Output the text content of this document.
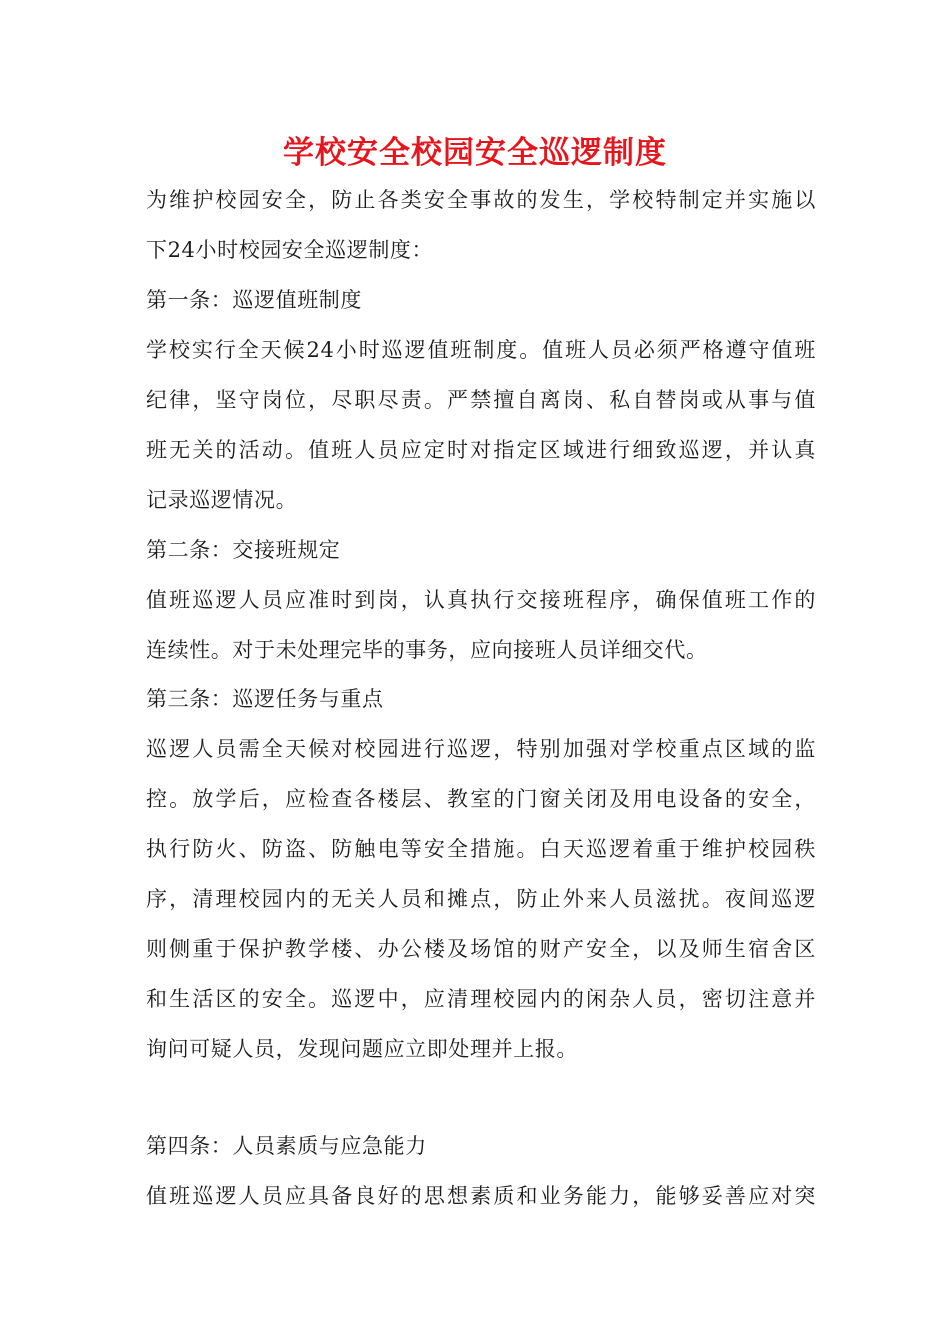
学校安全校园安全巡逻制度
为维护校园安全，防止各类安全事故的发生，学校特制定并实施以
下24小时校园安全巡逻制度：
第一条：巡逻值班制度
学校实行全天候24小时巡逻值班制度。值班人员必须严格遵守值班
纪律，坚守岗位，尽职尽责。严禁擅自离岗、私自替岗或从事与值
班无关的活动。值班人员应定时对指定区域进行细致巡逻，并认真
记录巡逻情况。
第二条：交接班规定
值班巡逻人员应准时到岗，认真执行交接班程序，确保值班工作的
连续性。对于未处理完毕的事务，应向接班人员详细交代。
第三条：巡逻任务与重点
巡逻人员需全天候对校园进行巡逻，特别加强对学校重点区域的监
控。放学后，应检查各楼层、教室的门窗关闭及用电设备的安全，
执行防火、防盗、防触电等安全措施。白天巡逻着重于维护校园秩
序，清理校园内的无关人员和摊点，防止外来人员滋扰。夜间巡逻
则侧重于保护教学楼、办公楼及场馆的财产安全，以及师生宿舍区
和生活区的安全。巡逻中，应清理校园内的闲杂人员，密切注意并
询问可疑人员，发现问题应立即处理并上报。
第四条：人员素质与应急能力
值班巡逻人员应具备良好的思想素质和业务能力，能够妥善应对突
